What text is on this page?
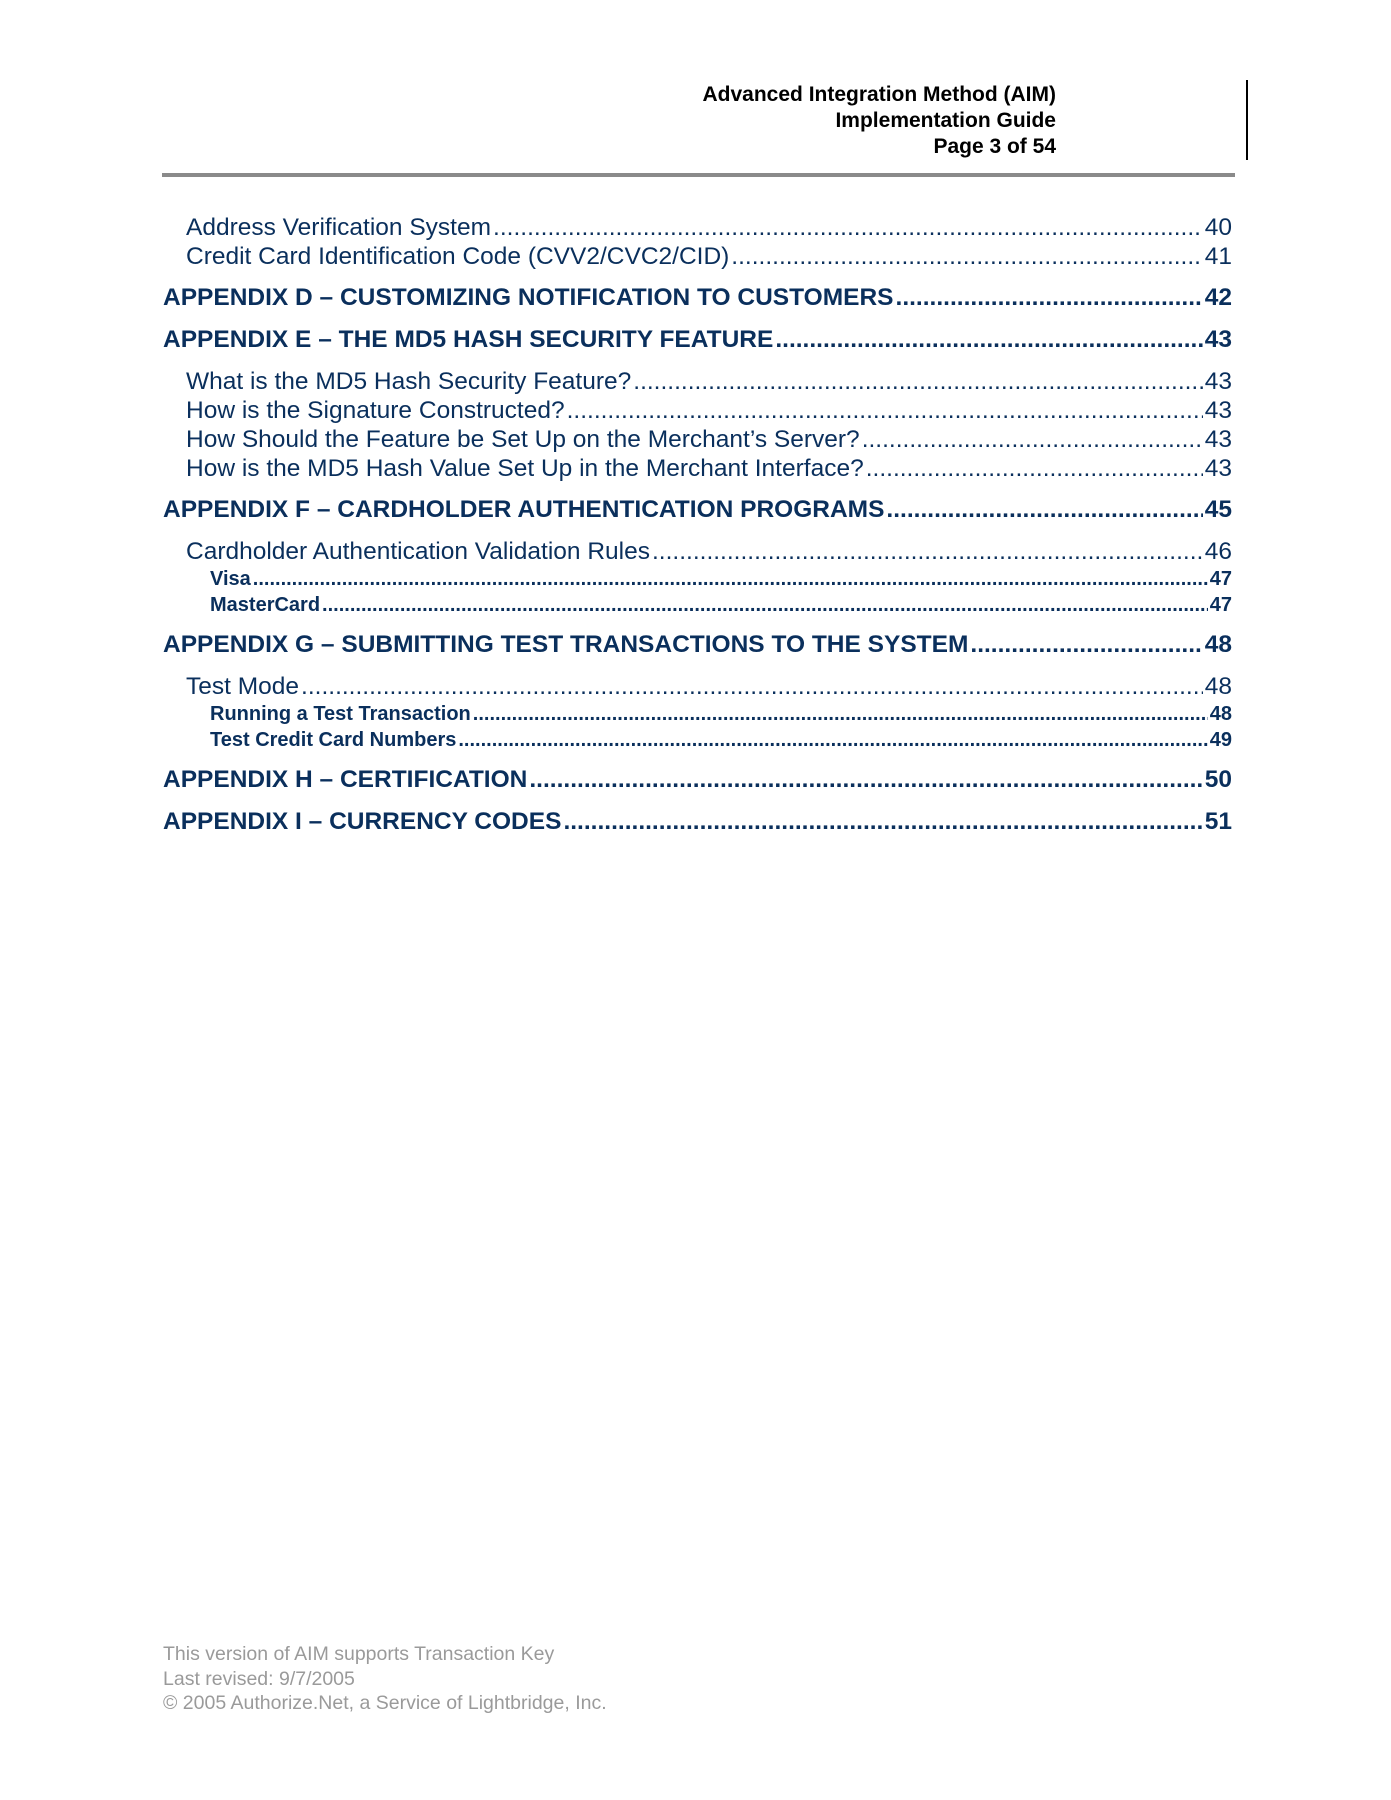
Advanced Integration Method (AIM)
Implementation Guide
Page 3 of 54
Address Verification System .....	40
Credit Card Identification Code (CVV2/CVC2/CID) .....	41
APPENDIX D – CUSTOMIZING NOTIFICATION TO CUSTOMERS .....	42
APPENDIX E – THE MD5 HASH SECURITY FEATURE .....	43
What is the MD5 Hash Security Feature? .....	43
How is the Signature Constructed? .....	43
How Should the Feature be Set Up on the Merchant’s Server? .....	43
How is the MD5 Hash Value Set Up in the Merchant Interface? .....	43
APPENDIX F – CARDHOLDER AUTHENTICATION PROGRAMS .....	45
Cardholder Authentication Validation Rules .....	46
Visa .....	47
MasterCard .....	47
APPENDIX G – SUBMITTING TEST TRANSACTIONS TO THE SYSTEM .....	48
Test Mode .....	48
Running a Test Transaction .....	48
Test Credit Card Numbers .....	49
APPENDIX H – CERTIFICATION .....	50
APPENDIX I – CURRENCY CODES .....	51
This version of AIM supports Transaction Key
Last revised: 9/7/2005
© 2005 Authorize.Net, a Service of Lightbridge, Inc.
